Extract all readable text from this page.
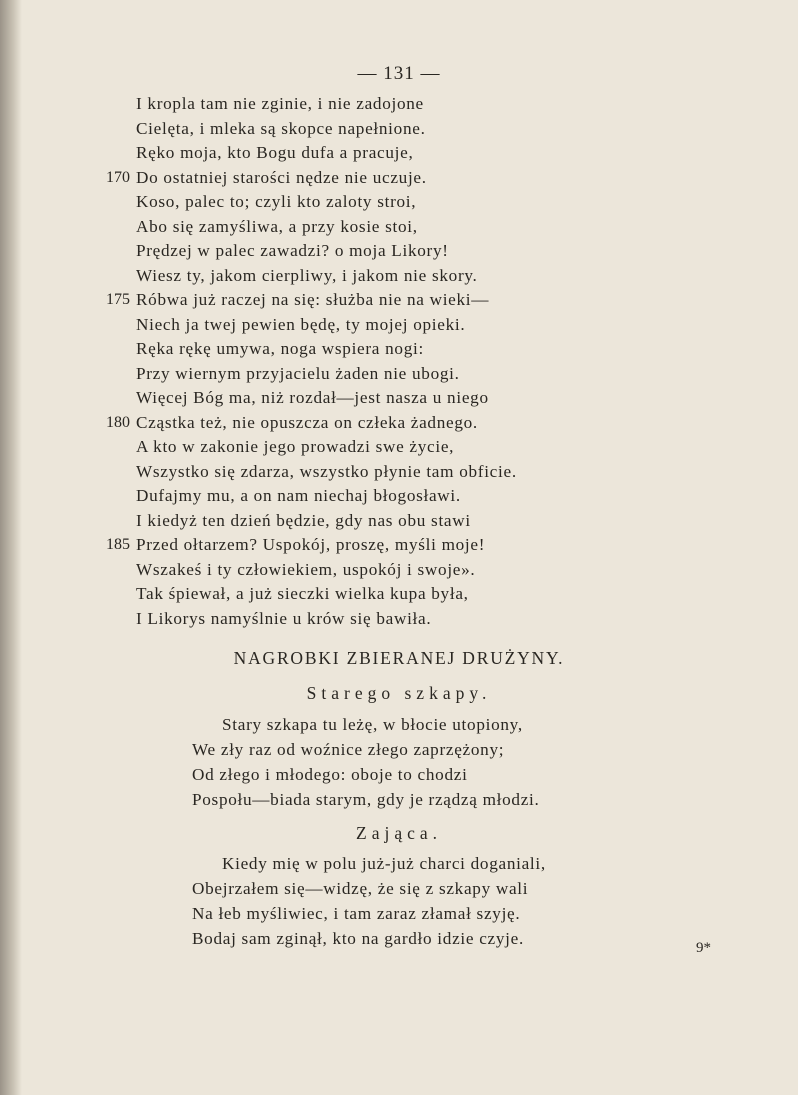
— 131 —
I kropla tam nie zginie, i nie zadojone
Cielęta, i mleka są skopce napełnione.
Ręko moja, kto Bogu dufa a pracuje,
170 Do ostatniej starości nędze nie uczuje.
Koso, palec to; czyli kto zaloty stroi,
Abo się zamyśliwa, a przy kosie stoi,
Prędzej w palec zawadzi? o moja Likory!
Wiesz ty, jakom cierpliwy, i jakom nie skory.
175 Róbwa już raczej na się: służba nie na wieki—
Niech ja twej pewien będę, ty mojej opieki.
Ręka rękę umywa, noga wspiera nogi:
Przy wiernym przyjacielu żaden nie ubogi.
Więcej Bóg ma, niż rozdał—jest nasza u niego
180 Cząstka też, nie opuszcza on człeka żadnego.
A kto w zakonie jego prowadzi swe życie,
Wszystko się zdarza, wszystko płynie tam obficie.
Dufajmy mu, a on nam niechaj błogosławi.
I kiedyż ten dzień będzie, gdy nas obu stawi
185 Przed ołtarzem? Uspokój, proszę, myśli moje!
Wszakeś i ty człowiekiem, uspokój i swoje».
Tak śpiewał, a już sieczki wielka kupa była,
I Likorys namyślnie u krów się bawiła.
NAGROBKI ZBIERANEJ DRUŻYNY.
Starego szkapy.
Stary szkapa tu leżę, w błocie utopiony,
We zły raz od woźnice złego zaprzężony;
Od złego i młodego: oboje to chodzi
Pospołu—biada starym, gdy je rządzą młodzi.
Zająca.
Kiedy mię w polu już-już charci doganiali,
Obejrzałem się—widzę, że się z szkapy wali
Na łeb myśliwiec, i tam zaraz złamał szyję.
Bodaj sam zginął, kto na gardło idzie czyje.	9*
